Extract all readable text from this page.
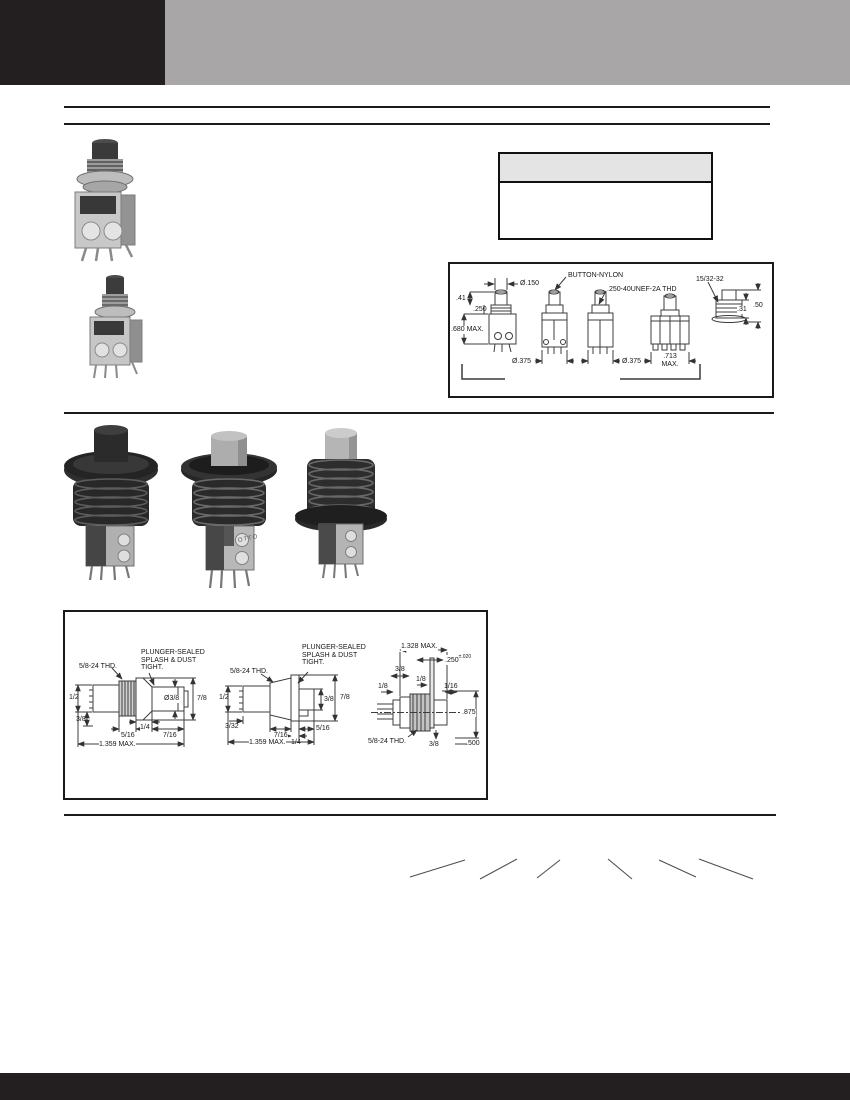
Ø.150
BUTTON-NYLON
.250-40UNEF-2A THD
15/32-32
.41
.250
.680 MAX.
Ø.375	Ø.375
.713 MAX.
.31
.50
OTTO
5/8-24 THD.
PLUNGER-SEALED
SPLASH & DUST
TIGHT.
1/2
3/8
5/16
1/4
7/16
Ø3/8	7/8
1.359 MAX.
5/8-24 THD.
PLUNGER-SEALED
SPLASH & DUST
TIGHT.
1/2
3/32
7/16
1/4
5/16
3/8 7/8
1.359 MAX.
1.328 MAX.
$.250^{\pm.020}$
3/8
1/8
1/8
1/16
.875
5/8-24 THD.	3/8	.500
